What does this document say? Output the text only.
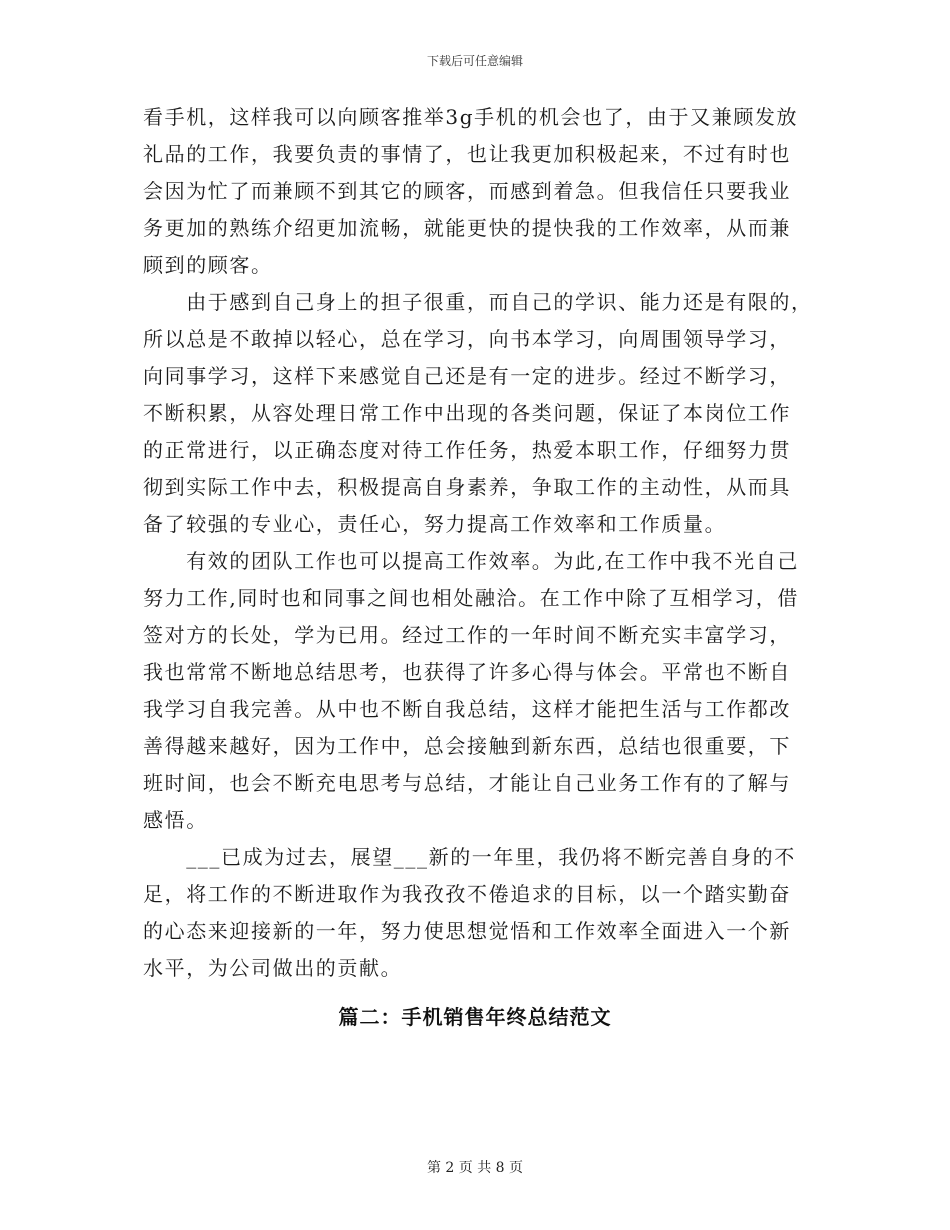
下载后可任意编辑
看手机，这样我可以向顾客推举3g手机的机会也了，由于又兼顾发放
礼品的工作，我要负责的事情了，也让我更加积极起来，不过有时也
会因为忙了而兼顾不到其它的顾客，而感到着急。但我信任只要我业
务更加的熟练介绍更加流畅，就能更快的提快我的工作效率，从而兼
顾到的顾客。
　　由于感到自己身上的担子很重，而自己的学识、能力还是有限的，
所以总是不敢掉以轻心，总在学习，向书本学习，向周围领导学习，
向同事学习，这样下来感觉自己还是有一定的进步。经过不断学习，
不断积累，从容处理日常工作中出现的各类问题，保证了本岗位工作
的正常进行，以正确态度对待工作任务，热爱本职工作，仔细努力贯
彻到实际工作中去，积极提高自身素养，争取工作的主动性，从而具
备了较强的专业心，责任心，努力提高工作效率和工作质量。
　　有效的团队工作也可以提高工作效率。为此,在工作中我不光自己
努力工作,同时也和同事之间也相处融洽。在工作中除了互相学习，借
签对方的长处，学为已用。经过工作的一年时间不断充实丰富学习，
我也常常不断地总结思考，也获得了许多心得与体会。平常也不断自
我学习自我完善。从中也不断自我总结，这样才能把生活与工作都改
善得越来越好，因为工作中，总会接触到新东西，总结也很重要，下
班时间，也会不断充电思考与总结，才能让自己业务工作有的了解与
感悟。
　　___已成为过去，展望___新的一年里，我仍将不断完善自身的不
足，将工作的不断进取作为我孜孜不倦追求的目标，以一个踏实勤奋
的心态来迎接新的一年，努力使思想觉悟和工作效率全面进入一个新
水平，为公司做出的贡献。
篇二：手机销售年终总结范文
第 2 页 共 8 页
